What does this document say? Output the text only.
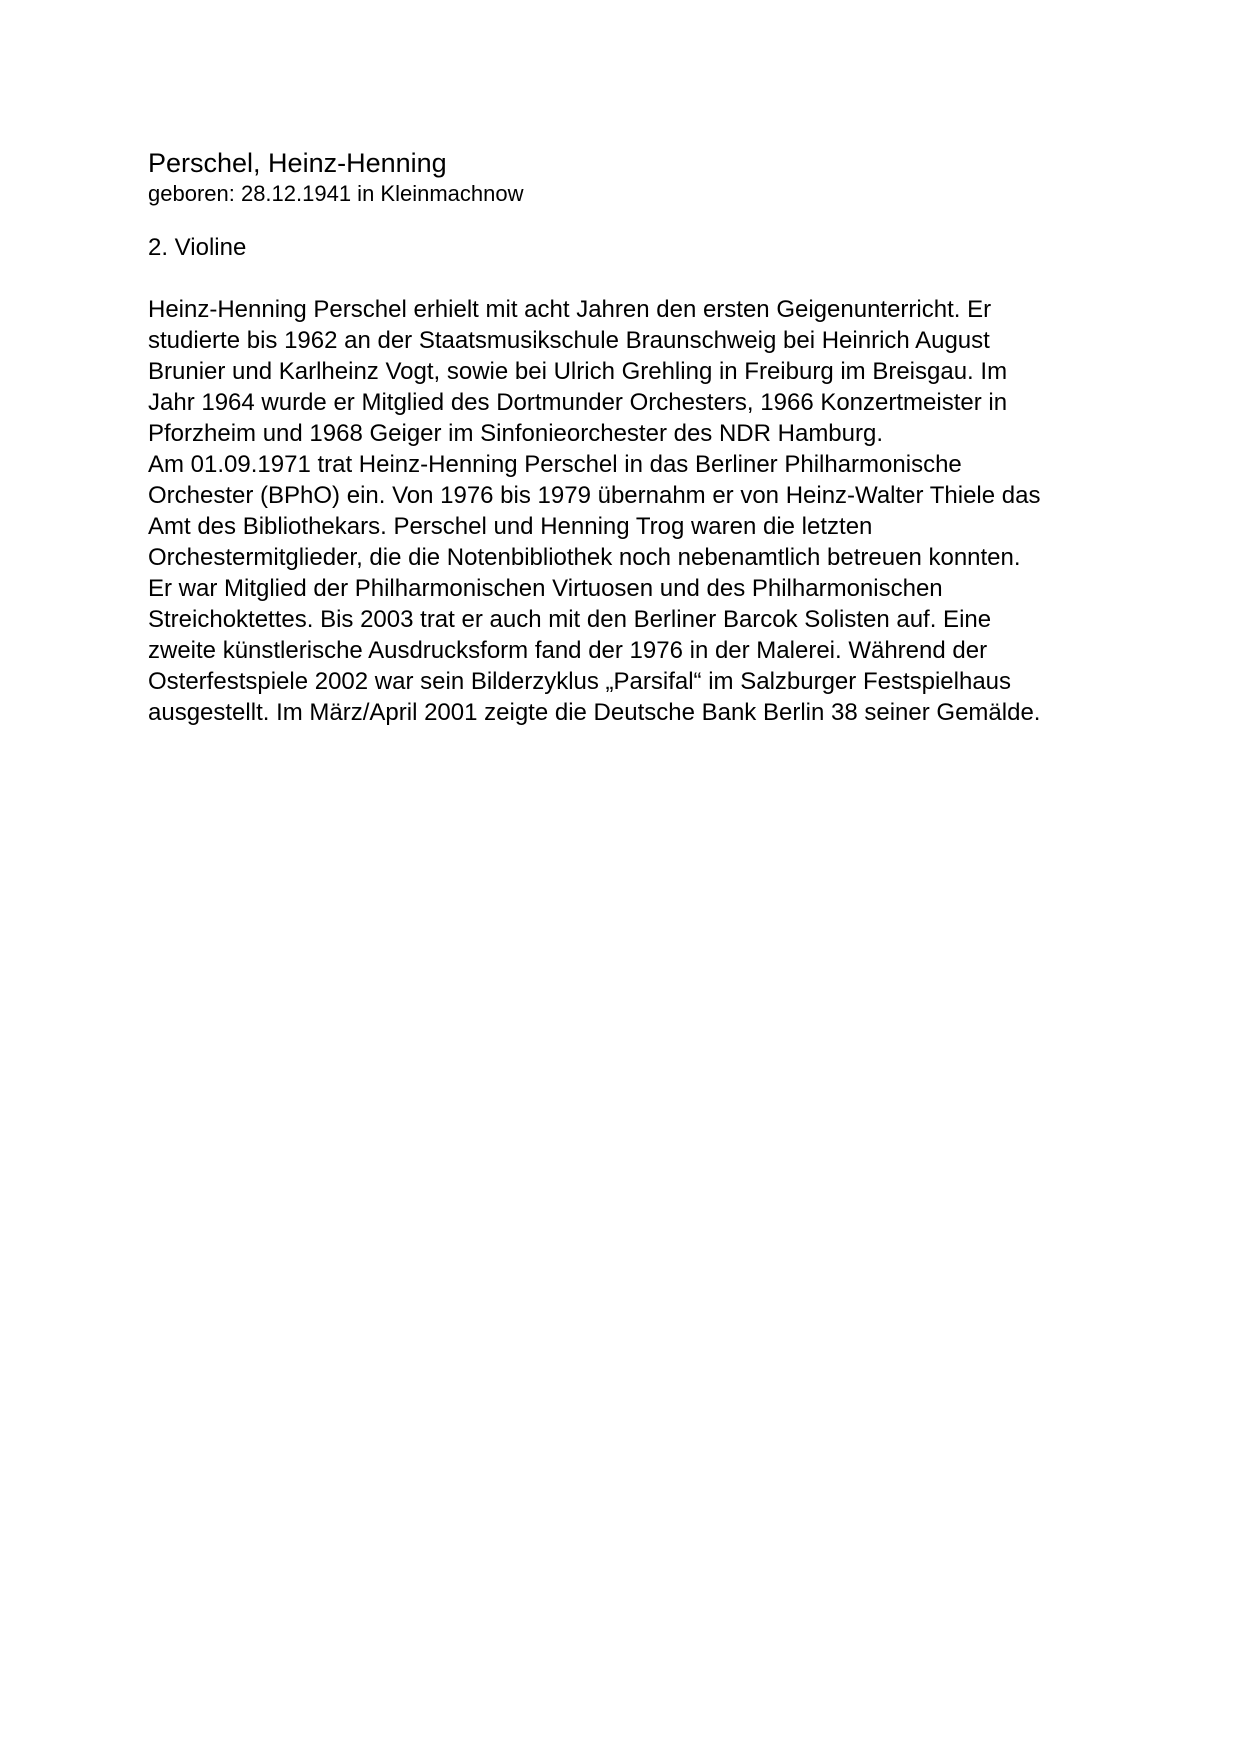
Perschel, Heinz-Henning

geboren: 28.12.1941 in Kleinmachnow

2. Violine

Heinz-Henning Perschel erhielt mit acht Jahren den ersten Geigenunterricht. Er
studierte bis 1962 an der Staatsmusikschule Braunschweig bei Heinrich August
Brunier und Karlheinz Vogt, sowie bei Ulrich Grehling in Freiburg im Breisgau. Im
Jahr 1964 wurde er Mitglied des Dortmunder Orchesters, 1966 Konzertmeister in
Pforzheim und 1968 Geiger im Sinfonieorchester des NDR Hamburg.
Am 01.09.1971 trat Heinz-Henning Perschel in das Berliner Philharmonische
Orchester (BPhO) ein. Von 1976 bis 1979 übernahm er von Heinz-Walter Thiele das
Amt des Bibliothekars. Perschel und Henning Trog waren die letzten
Orchestermitglieder, die die Notenbibliothek noch nebenamtlich betreuen konnten.
Er war Mitglied der Philharmonischen Virtuosen und des Philharmonischen
Streichoktettes. Bis 2003 trat er auch mit den Berliner Barcok Solisten auf. Eine
zweite künstlerische Ausdrucksform fand der 1976 in der Malerei. Während der
Osterfestspiele 2002 war sein Bilderzyklus „Parsifal“ im Salzburger Festspielhaus
ausgestellt. Im März/April 2001 zeigte die Deutsche Bank Berlin 38 seiner Gemälde.
